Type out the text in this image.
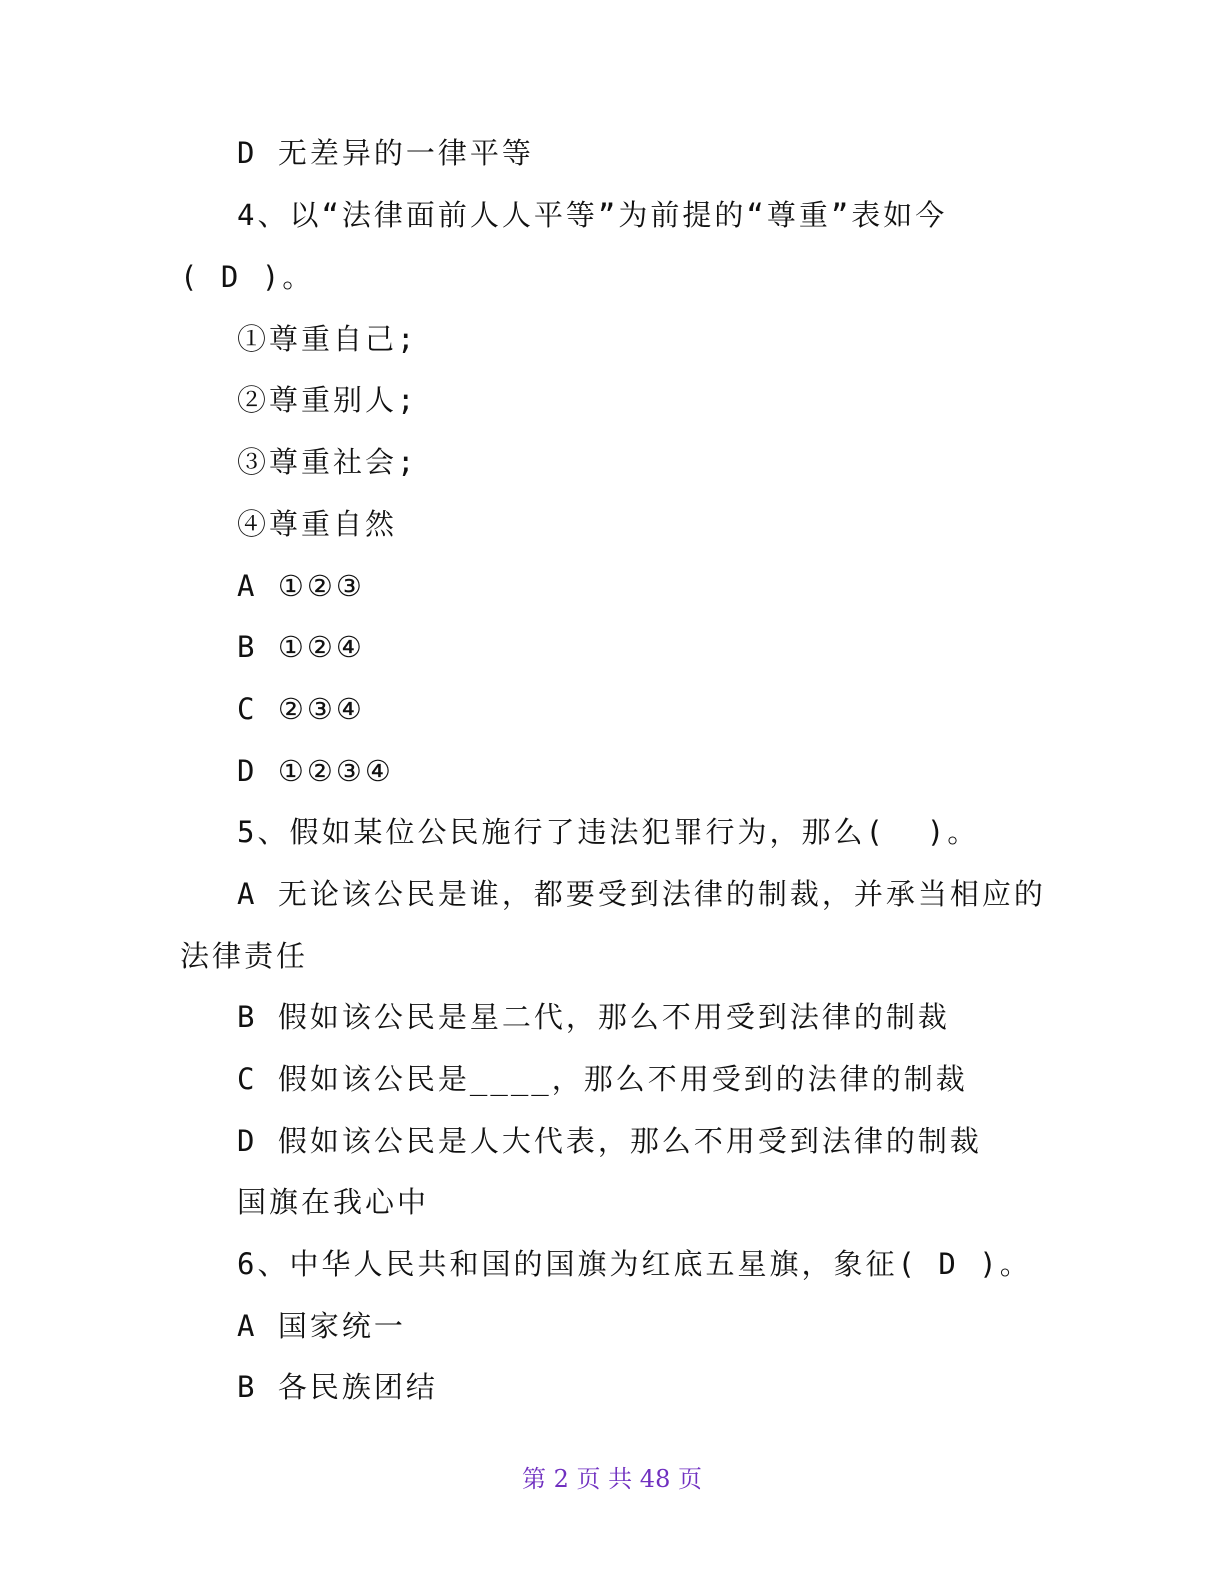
D 无差异的一律平等
4、以“法律面前人人平等”为前提的“尊重”表如今
( D )。
①尊重自己;
②尊重别人;
③尊重社会;
④尊重自然
A ①②③
B ①②④
C ②③④
D ①②③④
5、假如某位公民施行了违法犯罪行为，那么(  )。
A 无论该公民是谁，都要受到法律的制裁，并承当相应的
法律责任
B 假如该公民是星二代，那么不用受到法律的制裁
C 假如该公民是____，那么不用受到的法律的制裁
D 假如该公民是人大代表，那么不用受到法律的制裁
国旗在我心中
6、中华人民共和国的国旗为红底五星旗，象征( D )。
A 国家统一
B 各民族团结
第 2 页 共 48 页
